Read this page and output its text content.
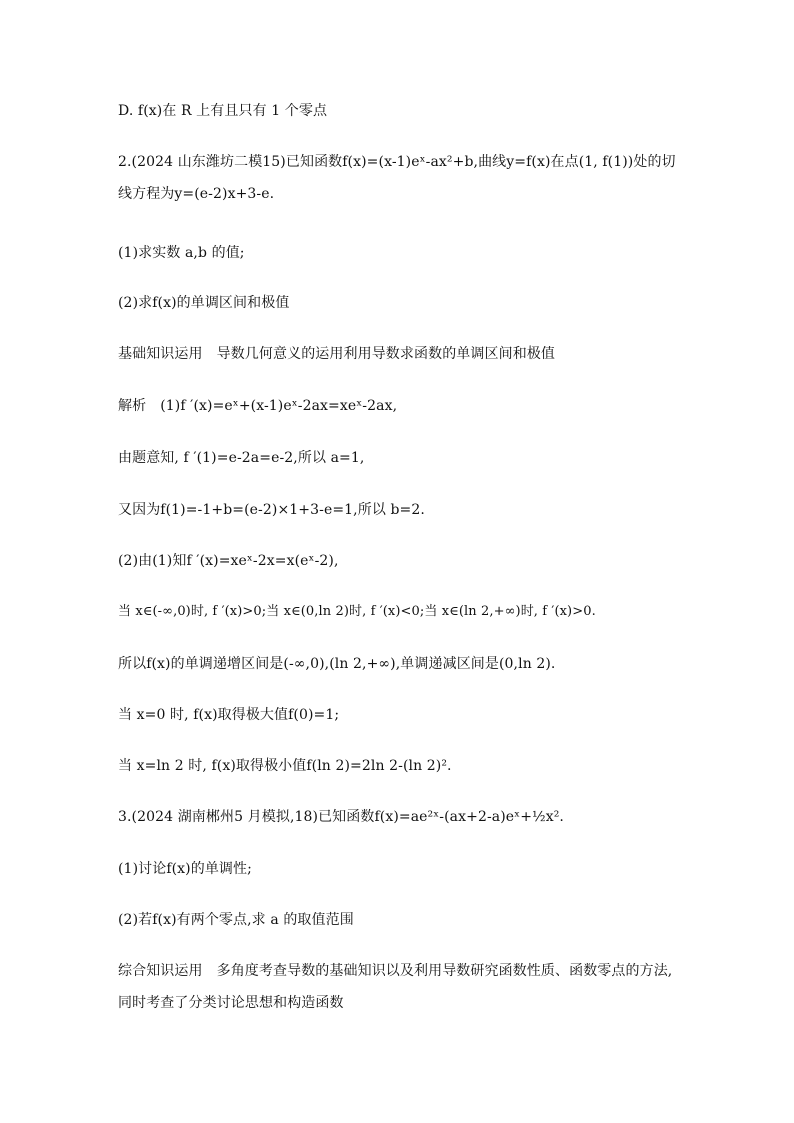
D. f(x)在 R 上有且只有 1 个零点
2.(2024 山东潍坊二模15)已知函数f(x)=(x-1)eˣ-ax²+b,曲线y=f(x)在点(1, f(1))处的切线方程为y=(e-2)x+3-e.
(1)求实数 a,b 的值;
(2)求f(x)的单调区间和极值
基础知识运用 导数几何意义的运用利用导数求函数的单调区间和极值
解析 (1)f ′(x)=eˣ+(x-1)eˣ-2ax=xeˣ-2ax,
由题意知, f ′(1)=e-2a=e-2,所以 a=1,
又因为f(1)=-1+b=(e-2)×1+3-e=1,所以 b=2.
(2)由(1)知f ′(x)=xeˣ-2x=x(eˣ-2),
当 x∈(-∞,0)时, f ′(x)>0;当 x∈(0,ln 2)时, f ′(x)<0;当 x∈(ln 2,+∞)时, f ′(x)>0.
所以f(x)的单调递增区间是(-∞,0),(ln 2,+∞),单调递减区间是(0,ln 2).
当 x=0 时, f(x)取得极大值f(0)=1;
当 x=ln 2 时, f(x)取得极小值f(ln 2)=2ln 2-(ln 2)².
3.(2024 湖南郴州5 月模拟,18)已知函数f(x)=ae²ˣ-(ax+2-a)eˣ+½x².
(1)讨论f(x)的单调性;
(2)若f(x)有两个零点,求 a 的取值范围
综合知识运用 多角度考查导数的基础知识以及利用导数研究函数性质、函数零点的方法,同时考查了分类讨论思想和构造函数
